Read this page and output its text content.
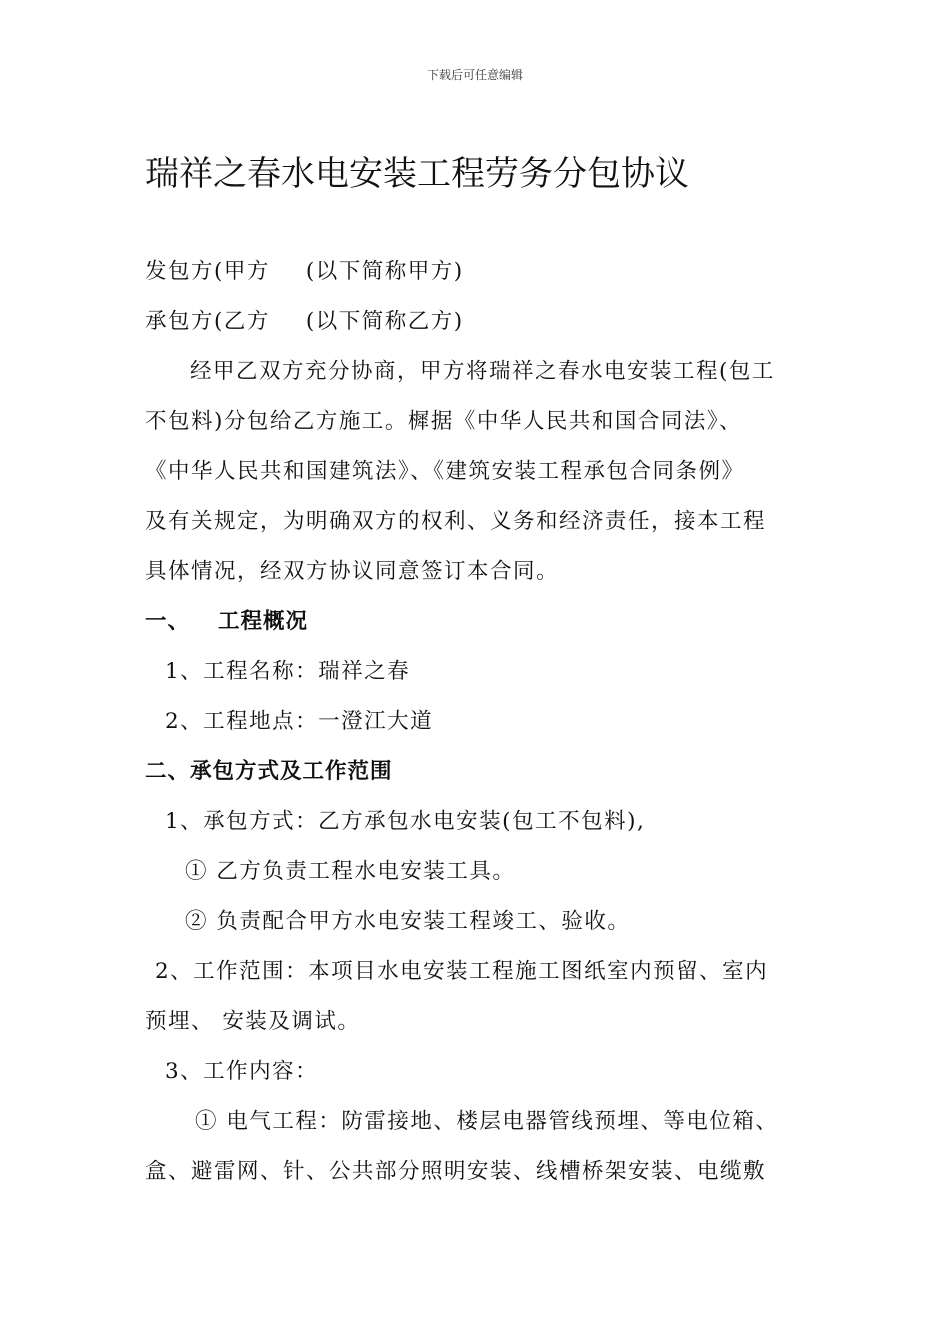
下载后可任意编辑
瑞祥之春水电安装工程劳务分包协议
发包方(甲方 (以下简称甲方)
承包方(乙方 (以下简称乙方)
经甲乙双方充分协商，甲方将瑞祥之春水电安装工程(包工
不包料)分包给乙方施工。樨据《中华人民共和国合同法》、
《中华人民共和国建筑法》、《建筑安装工程承包合同条例》
及有关规定，为明确双方的权利、义务和经济责任，接本工程
具体情况，经双方协议同意签订本合同。
一、 工程概况
1、工程名称：瑞祥之春
2、工程地点：一澄江大道
二、承包方式及工作范围
1、承包方式：乙方承包水电安装(包工不包料),
① 乙方负责工程水电安装工具。
② 负责配合甲方水电安装工程竣工、验收。
2、工作范围：本项目水电安装工程施工图纸室内预留、室内
预埋、 安装及调试。
3、工作内容：
① 电气工程：防雷接地、楼层电器管线预埋、等电位箱、
盒、避雷网、针、公共部分照明安装、线槽桥架安装、电缆敷
